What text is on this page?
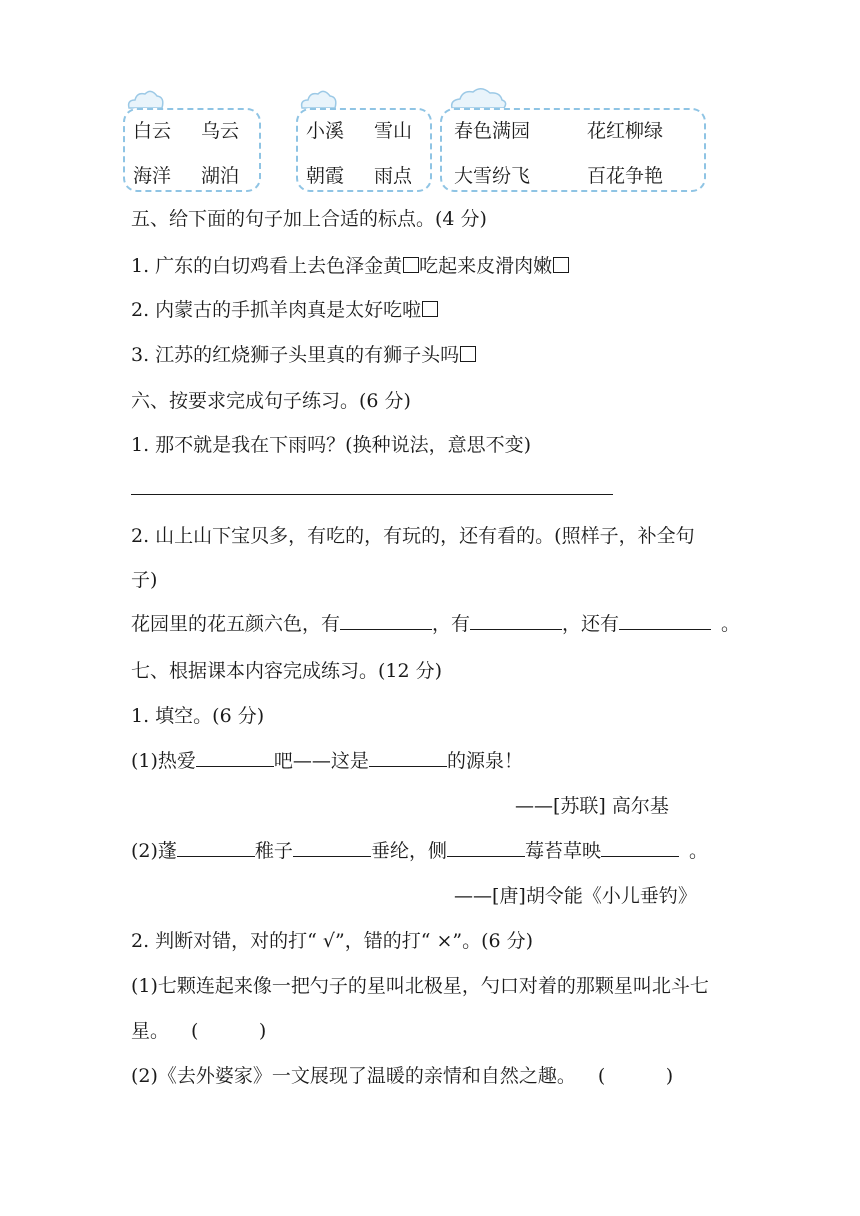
白云 乌云
海洋 湖泊
小溪 雪山
朝霞 雨点
春色满园	花红柳绿
大雪纷飞	百花争艳
五、给下面的句子加上合适的标点。(4 分)
1. 广东的白切鸡看上去色泽金黄 吃起来皮滑肉嫩
2. 内蒙古的手抓羊肉真是太好吃啦
3. 江苏的红烧狮子头里真的有狮子头吗
六、按要求完成句子练习。(6 分)
1. 那不就是我在下雨吗？(换种说法，意思不变)
2. 山上山下宝贝多，有吃的，有玩的，还有看的。(照样子，补全句
子)
花园里的花五颜六色，有	，有	，还有	。
七、根据课本内容完成练习。(12 分)
1. 填空。(6 分)
(1)热爱	吧——这是	的源泉！
——[苏联] 高尔基
(2)蓬	稚子	垂纶，侧	莓苔草映	。
——[唐]胡令能《小儿垂钓》
2. 判断对错，对的打“ √”，错的打“ ×”。(6 分)
(1)七颗连起来像一把勺子的星叫北极星，勺口对着的那颗星叫北斗七
星。 (          )
(2)《去外婆家》一文展现了温暖的亲情和自然之趣。 (          )
